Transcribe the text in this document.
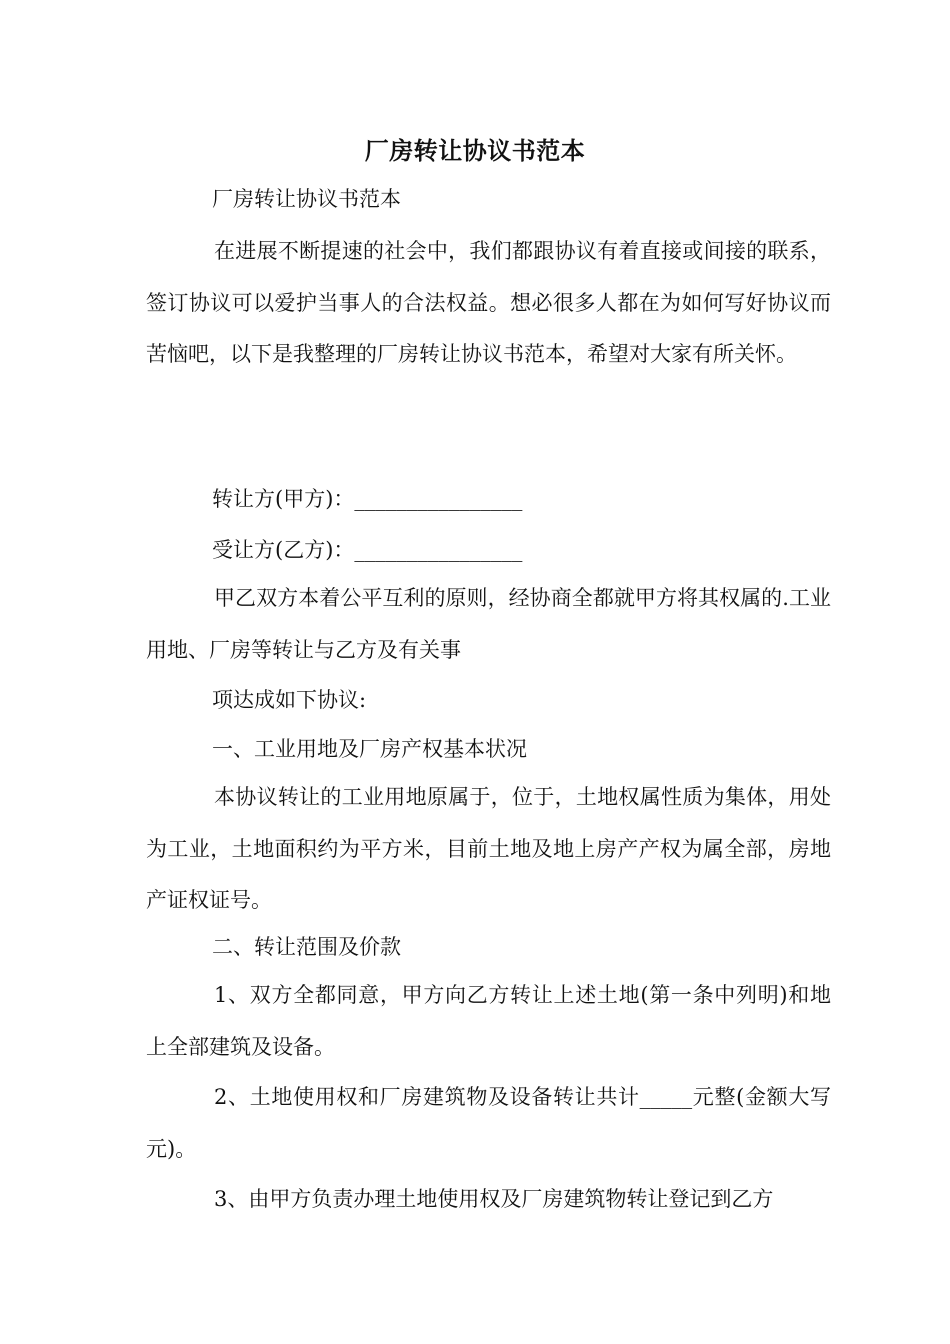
厂房转让协议书范本
厂房转让协议书范本

在进展不断提速的社会中，我们都跟协议有着直接或间接的联系，签订协议可以爱护当事人的合法权益。想必很多人都在为如何写好协议而苦恼吧，以下是我整理的厂房转让协议书范本，希望对大家有所关怀。

转让方(甲方)：________________
受让方(乙方)：________________

甲乙双方本着公平互利的原则，经协商全都就甲方将其权属的.工业用地、厂房等转让与乙方及有关事

项达成如下协议:
一、工业用地及厂房产权基本状况

本协议转让的工业用地原属于，位于，土地权属性质为集体，用处为工业，土地面积约为平方米，目前土地及地上房产产权为属全部，房地产证权证号。

二、转让范围及价款

1、双方全都同意，甲方向乙方转让上述土地(第一条中列明)和地上全部建筑及设备。

2、土地使用权和厂房建筑物及设备转让共计_____元整(金额大写元)。

3、由甲方负责办理土地使用权及厂房建筑物转让登记到乙方
